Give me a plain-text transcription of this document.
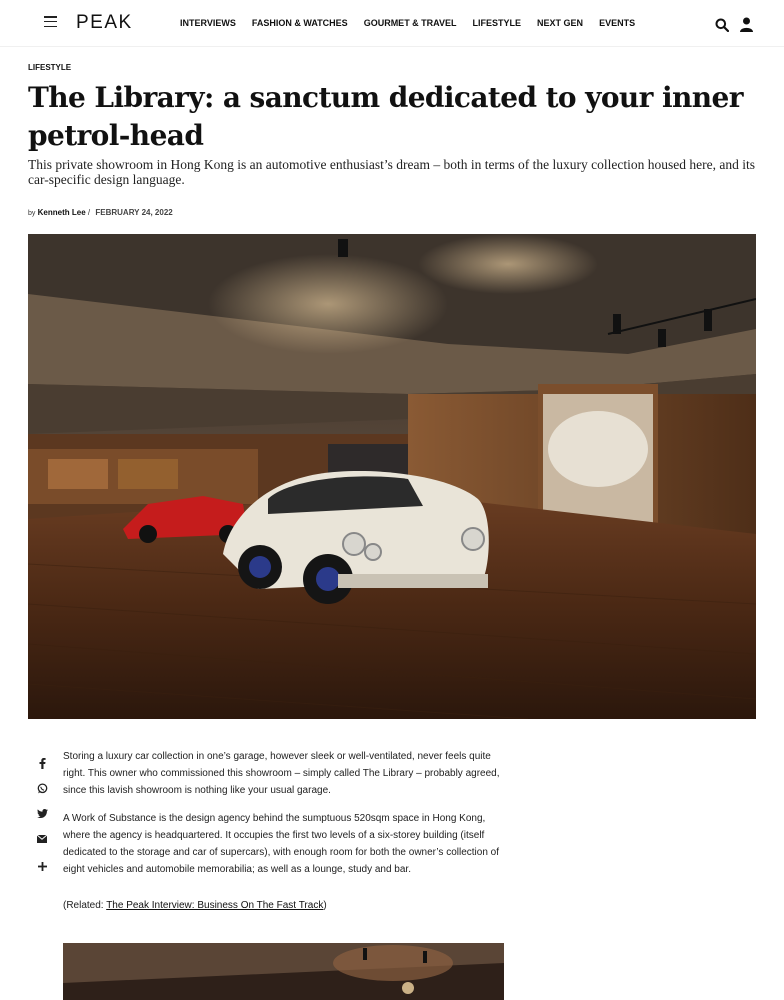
PEAK	INTERVIEWS FASHION & WATCHES GOURMET & TRAVEL LIFESTYLE NEXT GEN EVENTS
LIFESTYLE
The Library: a sanctum dedicated to your inner petrol-head

This private showroom in Hong Kong is an automotive enthusiast’s dream – both in terms of the luxury collection housed here, and its car-specific design language.

by Kenneth Lee / FEBRUARY 24, 2022

Storing a luxury car collection in one’s garage, however sleek or well-ventilated, never feels quite right. This owner who commissioned this showroom – simply called The Library – probably agreed, since this lavish showroom is nothing like your usual garage.

A Work of Substance is the design agency behind the sumptuous 520sqm space in Hong Kong, where the agency is headquartered. It occupies the first two levels of a six-storey building (itself dedicated to the storage and car of supercars), with enough room for both the owner’s collection of eight vehicles and automobile memorabilia; as well as a lounge, study and bar.

(Related: The Peak Interview: Business On The Fast Track)
